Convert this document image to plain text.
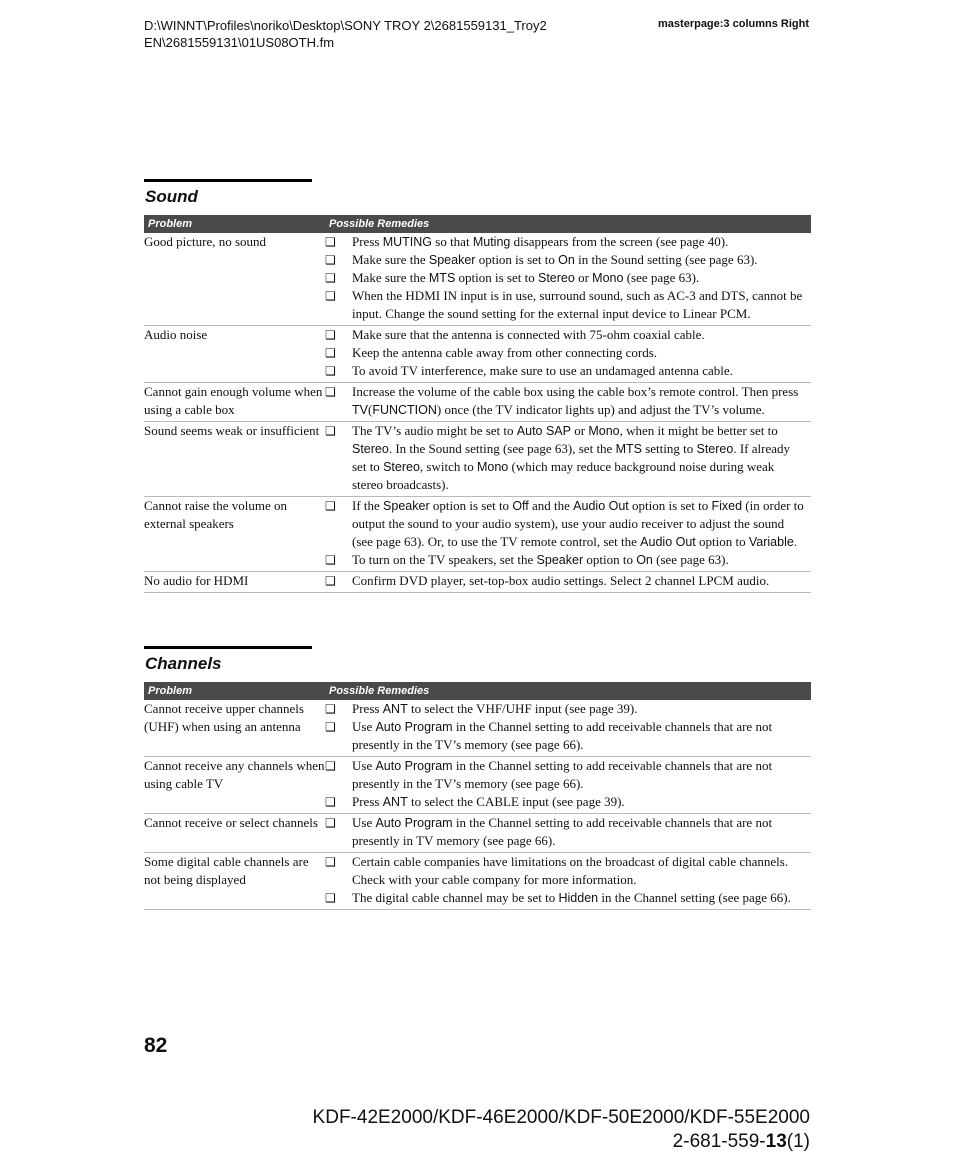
D:\WINNT\Profiles\noriko\Desktop\SONY TROY 2\2681559131_Troy2
EN\2681559131\01US08OTH.fm
masterpage:3 columns Right
Sound
Problem	Possible Remedies
Good picture, no sound	❑	Press MUTING so that Muting disappears from the screen (see page 40).
❑	Make sure the Speaker option is set to On in the Sound setting (see page 63).
❑	Make sure the MTS option is set to Stereo or Mono (see page 63).
❑	When the HDMI IN input is in use, surround sound, such as AC-3 and DTS, cannot be input. Change the sound setting for the external input device to Linear PCM.
Audio noise	❑	Make sure that the antenna is connected with 75-ohm coaxial cable.
❑	Keep the antenna cable away from other connecting cords.
❑	To avoid TV interference, make sure to use an undamaged antenna cable.
Cannot gain enough volume when using a cable box
❑	Increase the volume of the cable box using the cable box’s remote control. Then press TV(FUNCTION) once (the TV indicator lights up) and adjust the TV’s volume.
Sound seems weak or insufficient ❑	The TV’s audio might be set to Auto SAP or Mono, when it might be better set to Stereo. In the Sound setting (see page 63), set the MTS setting to Stereo. If already set to Stereo, switch to Mono (which may reduce background noise during weak stereo broadcasts).
Cannot raise the volume on external speakers
❑	If the Speaker option is set to Off and the Audio Out option is set to Fixed (in order to output the sound to your audio system), use your audio receiver to adjust the sound (see page 63). Or, to use the TV remote control, set the Audio Out option to Variable.
❑	To turn on the TV speakers, set the Speaker option to On (see page 63).
No audio for HDMI	❑	Confirm DVD player, set-top-box audio settings. Select 2 channel LPCM audio.
Channels
Problem	Possible Remedies
Cannot receive upper channels (UHF) when using an antenna
❑	Press ANT to select the VHF/UHF input (see page 39).
❑	Use Auto Program in the Channel setting to add receivable channels that are not presently in the TV’s memory (see page 66).
Cannot receive any channels when using cable TV
❑	Use Auto Program in the Channel setting to add receivable channels that are not presently in the TV’s memory (see page 66).
❑	Press ANT to select the CABLE input (see page 39).
Cannot receive or select channels ❑	Use Auto Program in the Channel setting to add receivable channels that are not presently in TV memory (see page 66).
Some digital cable channels are not being displayed
❑	Certain cable companies have limitations on the broadcast of digital cable channels. Check with your cable company for more information.
❑	The digital cable channel may be set to Hidden in the Channel setting (see page 66).
82
KDF-42E2000/KDF-46E2000/KDF-50E2000/KDF-55E2000
2-681-559-13(1)
